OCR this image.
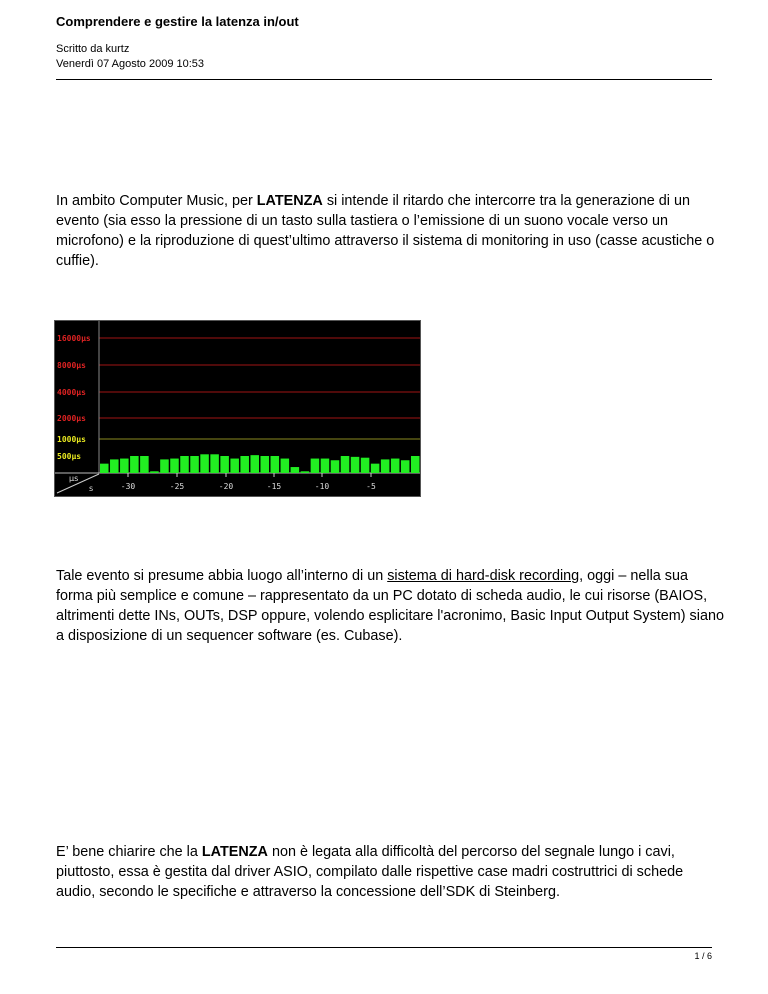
Comprendere e gestire la latenza in/out

Scritto da kurtz
Venerdì 07 Agosto 2009 10:53

In ambito Computer Music, per LATENZA si intende il ritardo che intercorre tra la generazione di un evento (sia esso la pressione di un tasto sulla tastiera o l’emissione di un suono vocale verso un microfono) e la riproduzione di quest’ultimo attraverso il sistema di monitoring in uso (casse acustiche o cuffie).

16000µs
8000µs
4000µs
2000µs
1000µs
500µs
µs
s	-30	-25	-20	-15	-10	-5

Tale evento si presume abbia luogo all’interno di un sistema di hard-disk recording, oggi – nella sua forma più semplice e comune – rappresentato da un PC dotato di scheda audio, le cui risorse (BAIOS, altrimenti dette INs, OUTs, DSP oppure, volendo esplicitare l'acronimo, Basic Input Output System) siano a disposizione di un sequencer software (es. Cubase).

E’ bene chiarire che la LATENZA non è legata alla difficoltà del percorso del segnale lungo i cavi, piuttosto, essa è gestita dal driver ASIO, compilato dalle rispettive case madri costruttrici di schede audio, secondo le specifiche e attraverso la concessione dell’SDK di Steinberg.

1 / 6
